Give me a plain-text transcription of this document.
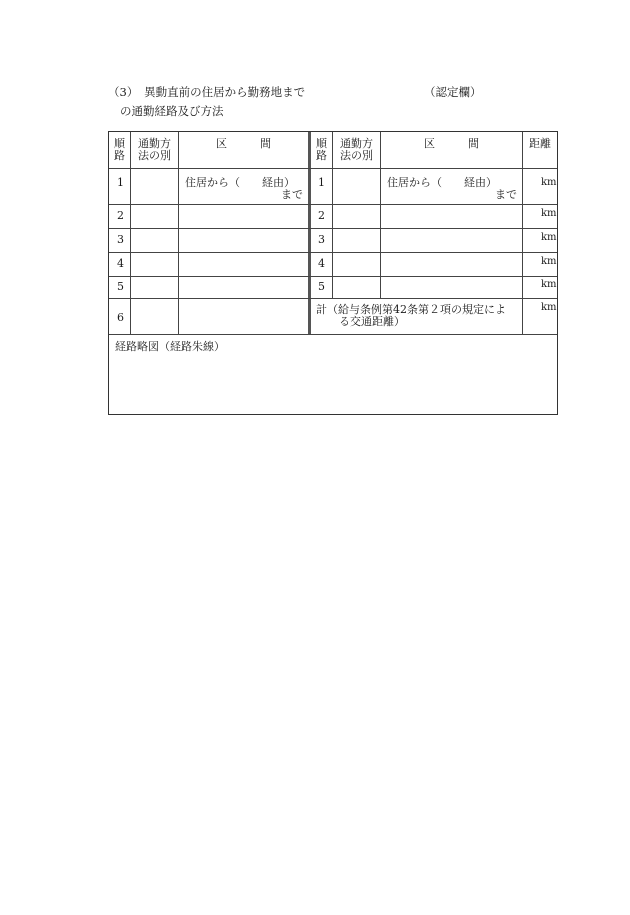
（3）　異動直前の住居から勤務地まで
の通勤経路及び方法
（認定欄）
順
路
通勤方
法の別
区　　　間	順
路
通勤方
法の別
区　　　間	距離
1
2
3
4
5
6
住居から（　　経由）
まで
1
2
3
4
5
住居から（　　経由）
まで
計（給与条例第42条第２項の規定によ
る交通距離）
km
km
km
km
km
km
経路略図（経路朱線）
